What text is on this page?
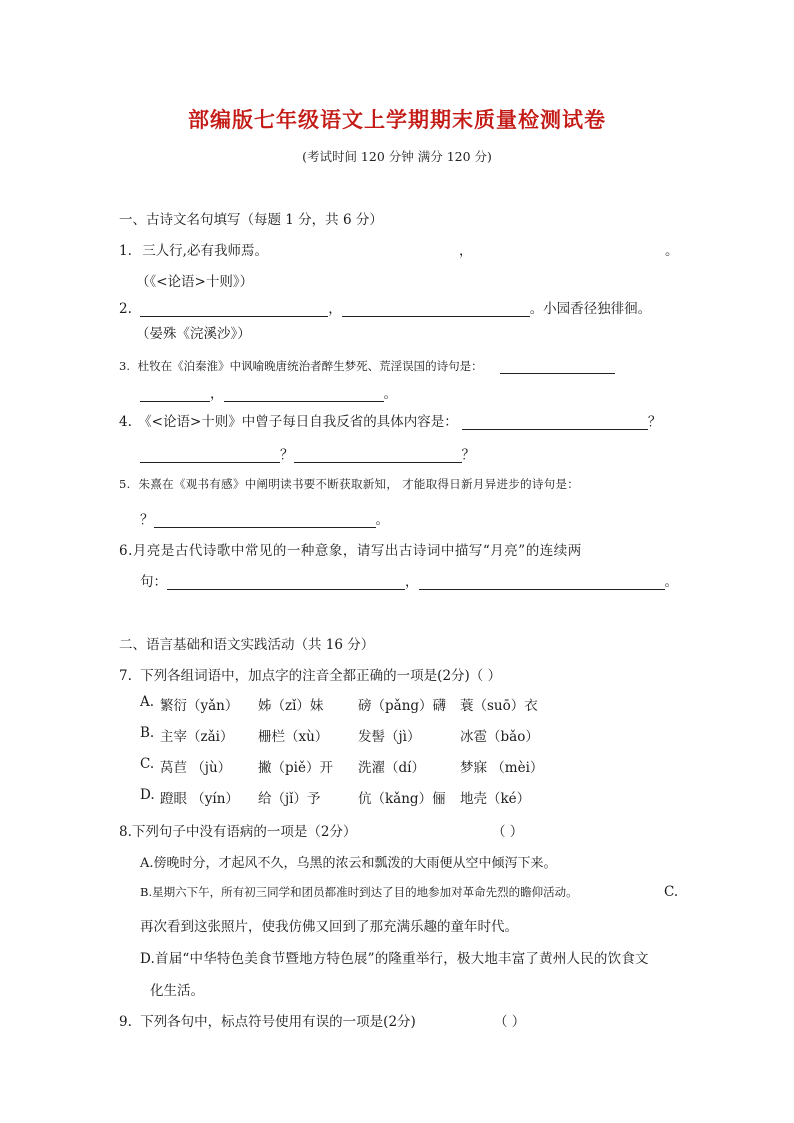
部编版七年级语文上学期期末质量检测试卷
(考试时间 120 分钟 满分 120 分)
一、古诗文名句填写（每题 1 分，共 6 分）
1. 三人行,必有我师焉。	，	。
（《<论语>十则》）
2.	，	。小园香径独徘徊。
（晏殊《浣溪沙》）
3. 杜牧在《泊秦淮》中讽喻晚唐统治者醉生梦死、荒淫误国的诗句是：
，	。
4. 《<论语>十则》中曾子每日自我反省的具体内容是：	？
？	？
5. 朱熹在《观书有感》中阐明读书要不断获取新知， 才能取得日新月异进步的诗句是：
？	。
6.月亮是古代诗歌中常见的一种意象，请写出古诗词中描写“月亮”的连续两
句：	，	。
二、语言基础和语文实践活动（共 16 分）
7. 下列各组词语中，加点字的注音全都正确的一项是(2分)（ ）
A. 繁衍（yǎn） 姊（zǐ）妹	磅（pǎng）礴 蓑（suō）衣
B. 主宰（zǎi） 栅栏（xù） 发髻（jì）	冰雹（bǎo）
C. 莴苣 （jù） 撇（piě）开 洗濯（dí）	梦寐 （mèi）
D. 蹬眼 （yín） 给（jǐ）予	伉（kǎng）俪 地壳（ké）
8.下列句子中没有语病的一项是（2分）	（ ）
A.傍晚时分，才起风不久，乌黑的浓云和瓢泼的大雨便从空中倾泻下来。
B.星期六下午，所有初三同学和团员都准时到达了目的地参加对革命先烈的瞻仰活动。	C.
再次看到这张照片，使我仿佛又回到了那充满乐趣的童年时代。
D.首届“中华特色美食节暨地方特色展”的隆重举行，极大地丰富了黄州人民的饮食文
化生活。
9. 下列各句中，标点符号使用有误的一项是(2分)	（ ）
